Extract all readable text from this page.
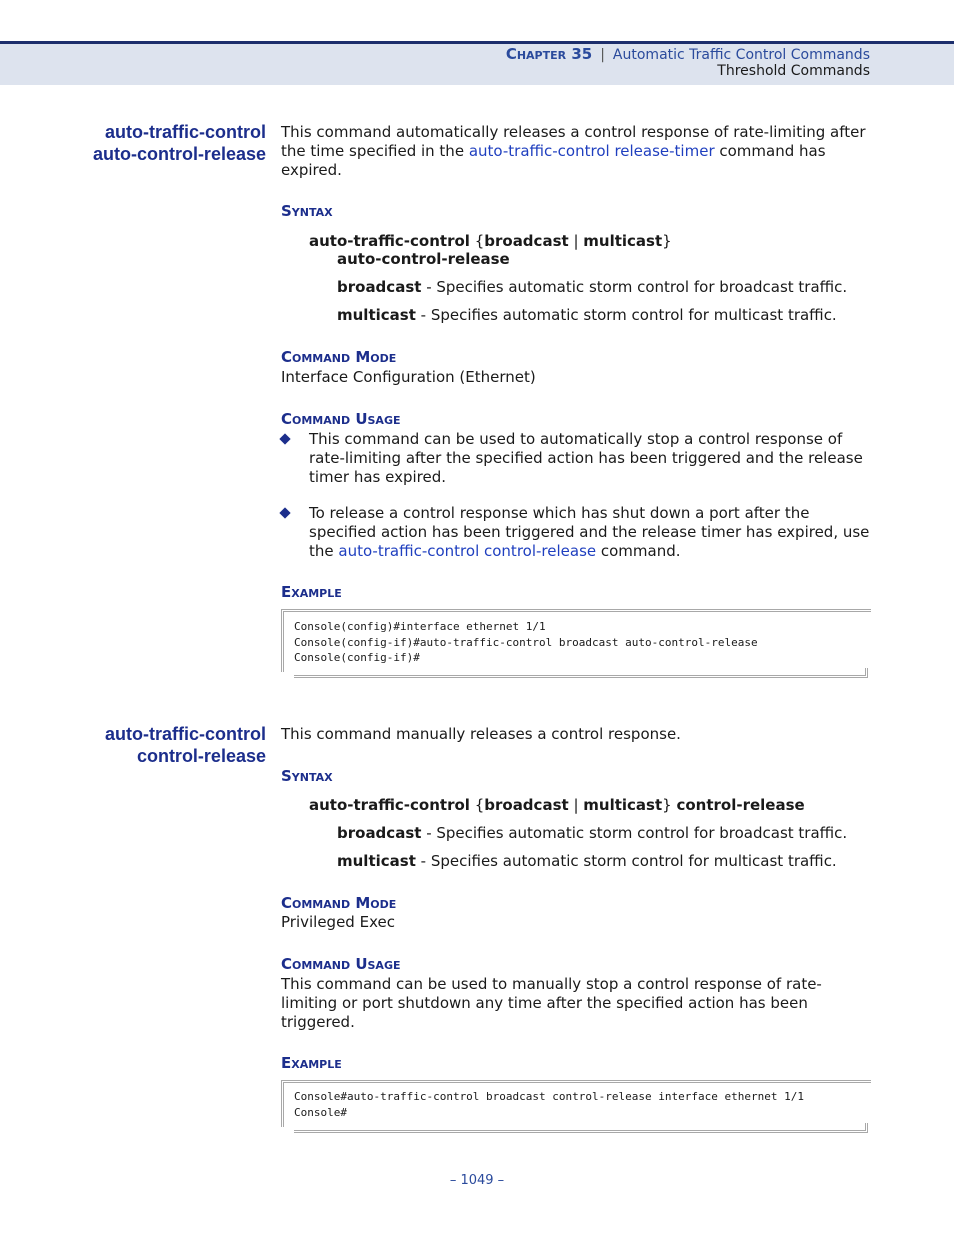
Chapter 35 | Automatic Traffic Control Commands
Threshold Commands
auto-traffic-control
auto-control-release
This command automatically releases a control response of rate-limiting after the time specified in the auto-traffic-control release-timer command has expired.
Syntax
auto-traffic-control {broadcast | multicast}
auto-control-release
broadcast - Specifies automatic storm control for broadcast traffic.
multicast - Specifies automatic storm control for multicast traffic.
Command Mode
Interface Configuration (Ethernet)
Command Usage
This command can be used to automatically stop a control response of rate-limiting after the specified action has been triggered and the release timer has expired.
To release a control response which has shut down a port after the specified action has been triggered and the release timer has expired, use the auto-traffic-control control-release command.
Example
Console(config)#interface ethernet 1/1
Console(config-if)#auto-traffic-control broadcast auto-control-release
Console(config-if)#
auto-traffic-control
control-release
This command manually releases a control response.
Syntax
auto-traffic-control {broadcast | multicast} control-release
broadcast - Specifies automatic storm control for broadcast traffic.
multicast - Specifies automatic storm control for multicast traffic.
Command Mode
Privileged Exec
Command Usage
This command can be used to manually stop a control response of rate-limiting or port shutdown any time after the specified action has been triggered.
Example
Console#auto-traffic-control broadcast control-release interface ethernet 1/1
Console#
– 1049 –
